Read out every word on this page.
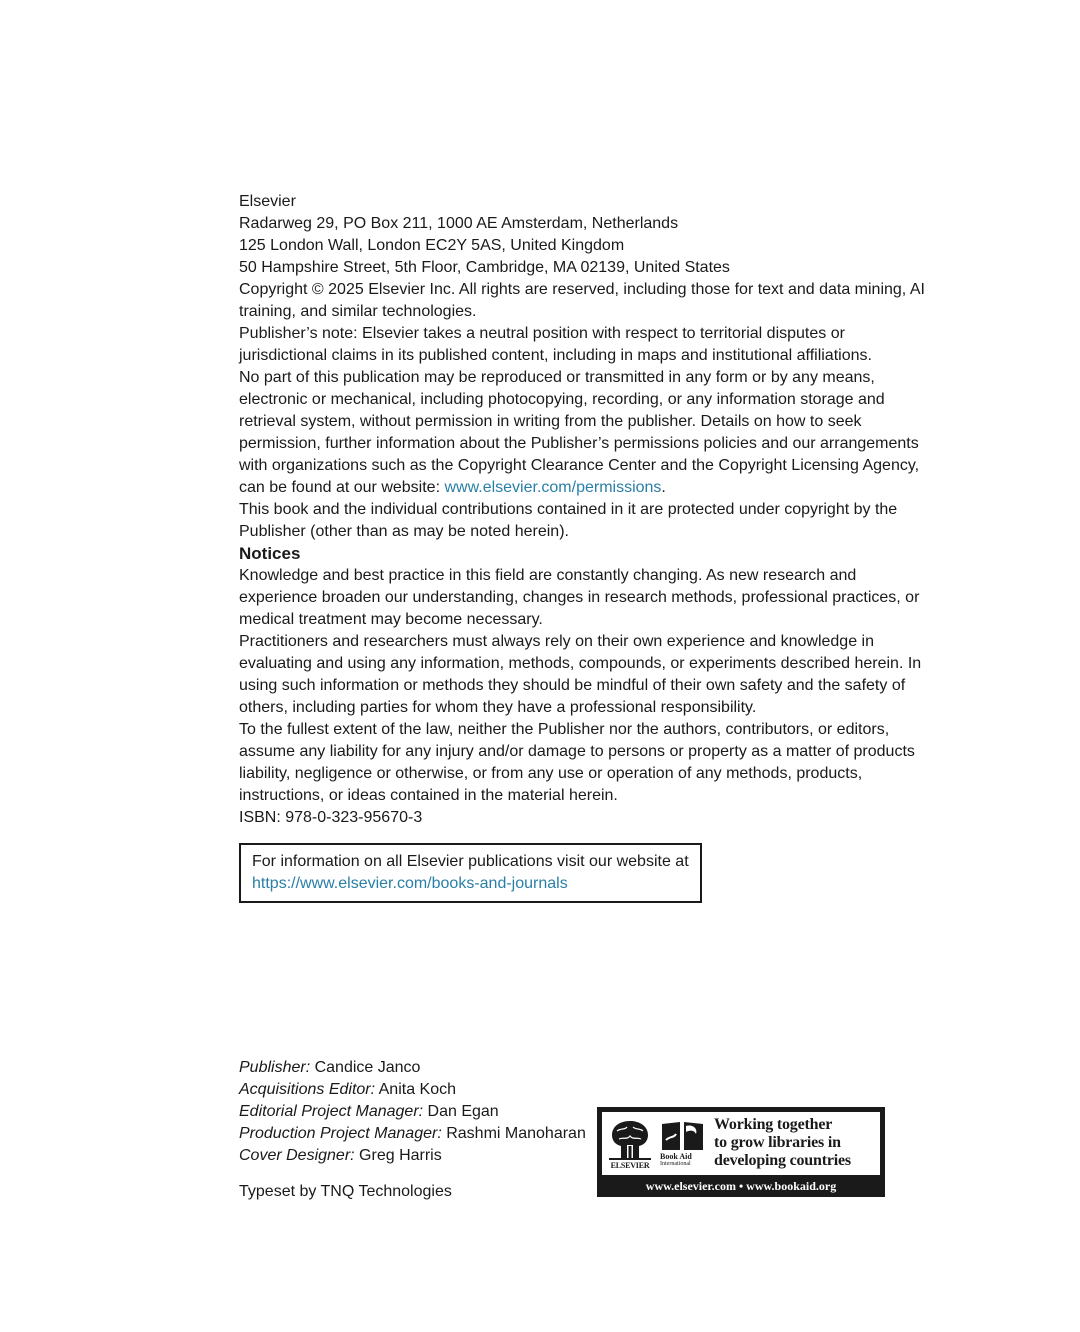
Elsevier

Radarweg 29, PO Box 211, 1000 AE Amsterdam, Netherlands

125 London Wall, London EC2Y 5AS, United Kingdom

50 Hampshire Street, 5th Floor, Cambridge, MA 02139, United States

Copyright © 2025 Elsevier Inc. All rights are reserved, including those for text and data mining, AI training, and similar technologies.

Publisher’s note: Elsevier takes a neutral position with respect to territorial disputes or jurisdictional claims in its published content, including in maps and institutional affiliations.

No part of this publication may be reproduced or transmitted in any form or by any means, electronic or mechanical, including photocopying, recording, or any information storage and retrieval system, without permission in writing from the publisher. Details on how to seek permission, further information about the Publisher’s permissions policies and our arrangements with organizations such as the Copyright Clearance Center and the Copyright Licensing Agency, can be found at our website: www.elsevier.com/permissions.

This book and the individual contributions contained in it are protected under copyright by the Publisher (other than as may be noted herein).

Notices

Knowledge and best practice in this field are constantly changing. As new research and experience broaden our understanding, changes in research methods, professional practices, or medical treatment may become necessary.

Practitioners and researchers must always rely on their own experience and knowledge in evaluating and using any information, methods, compounds, or experiments described herein. In using such information or methods they should be mindful of their own safety and the safety of others, including parties for whom they have a professional responsibility.

To the fullest extent of the law, neither the Publisher nor the authors, contributors, or editors, assume any liability for any injury and/or damage to persons or property as a matter of products liability, negligence or otherwise, or from any use or operation of any methods, products, instructions, or ideas contained in the material herein.

ISBN: 978-0-323-95670-3

For information on all Elsevier publications visit our website at

https://www.elsevier.com/books-and-journals

Publisher: Candice Janco

Acquisitions Editor: Anita Koch

Editorial Project Manager: Dan Egan

Production Project Manager: Rashmi Manoharan

Cover Designer: Greg Harris

Typeset by TNQ Technologies

ELSEVIER
Book Aid
International

Working together

to grow libraries in

developing countries

www.elsevier.com • www.bookaid.org
